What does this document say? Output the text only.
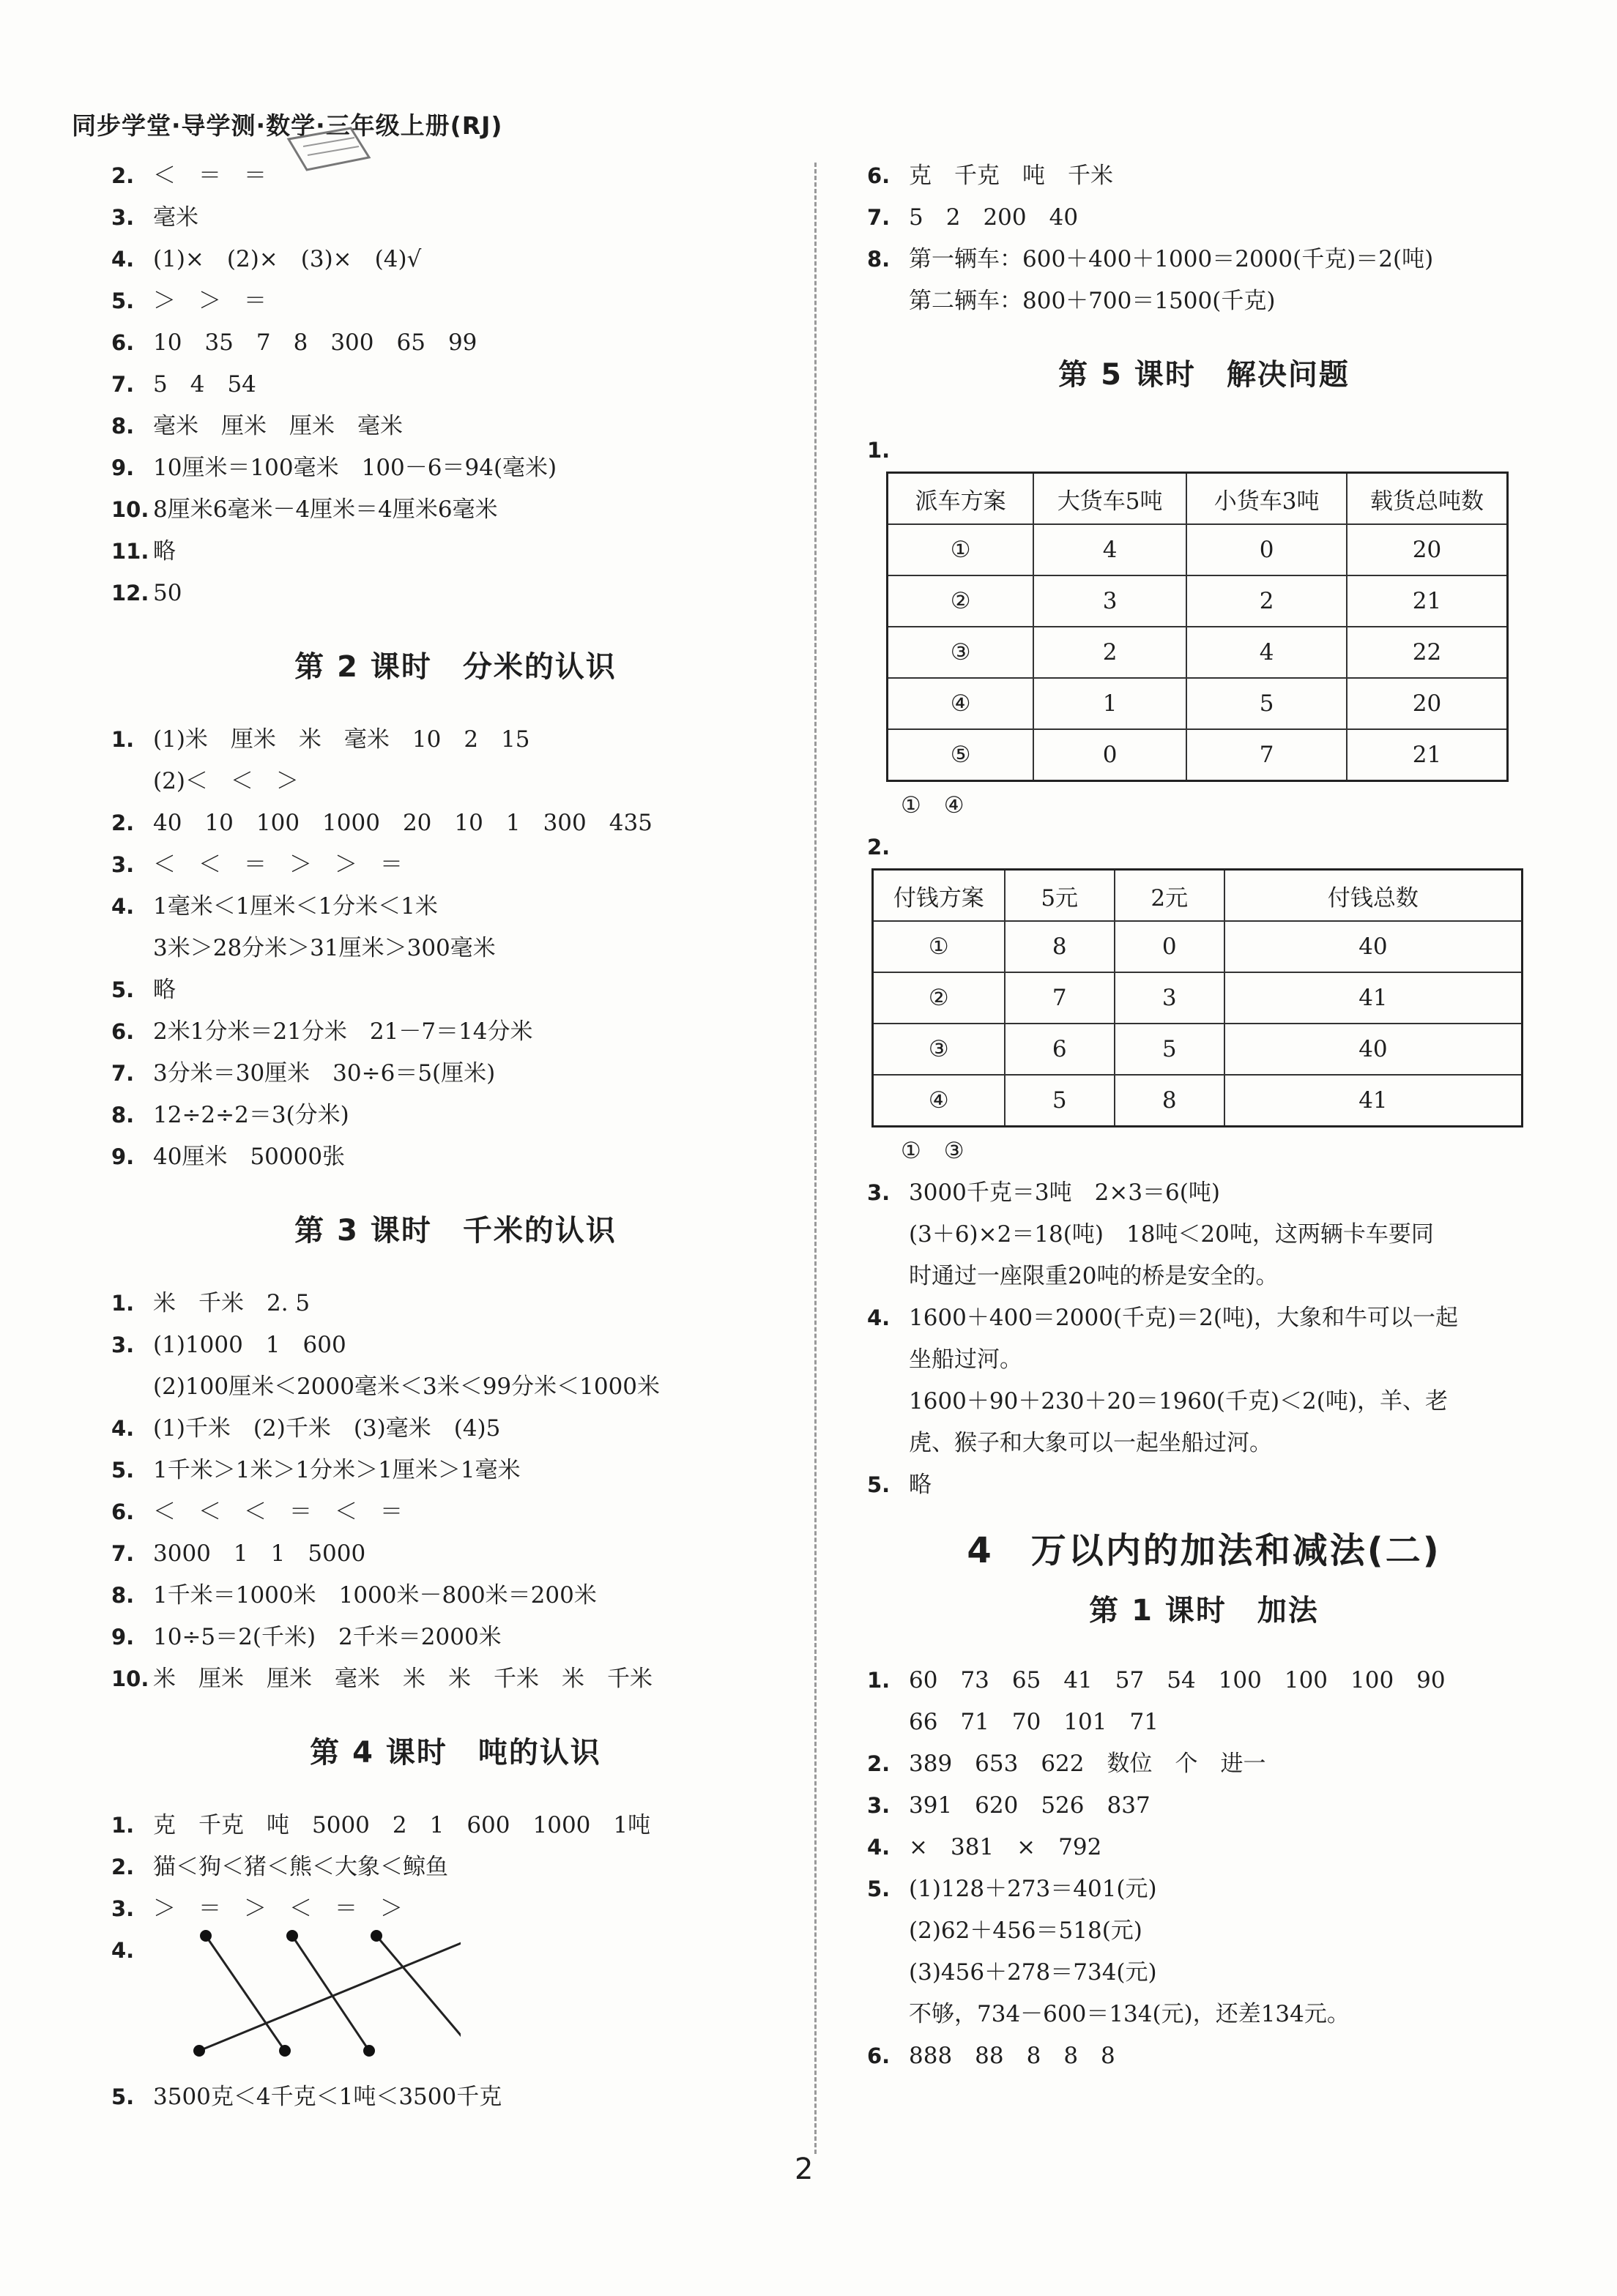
同步学堂·导学测·数学·三年级上册(RJ)
2. ＜　＝　＝
3. 毫米
4. (1)×　(2)×　(3)×　(4)√
5. ＞　＞　＝
6. 10　35　7　8　300　65　99
7. 5　4　54
8. 毫米　厘米　厘米　毫米
9. 10厘米＝100毫米　100－6＝94(毫米)
10. 8厘米6毫米－4厘米＝4厘米6毫米
11. 略
12. 50
第 2 课时　分米的认识
1. (1)米　厘米　米　毫米　10　2　15
(2)＜　＜　＞
2. 40　10　100　1000　20　10　1　300　435
3. ＜　＜　＝　＞　＞　＝
4. 1毫米＜1厘米＜1分米＜1米
3米＞28分米＞31厘米＞300毫米
5. 略
6. 2米1分米＝21分米　21－7＝14分米
7. 3分米＝30厘米　30÷6＝5(厘米)
8. 12÷2÷2＝3(分米)
9. 40厘米　50000张
第 3 课时　千米的认识
1. 米　千米　2. 5
3. (1)1000　1　600
(2)100厘米＜2000毫米＜3米＜99分米＜1000米
4. (1)千米　(2)千米　(3)毫米　(4)5
5. 1千米＞1米＞1分米＞1厘米＞1毫米
6. ＜　＜　＜　＝　＜　＝
7. 3000　1　1　5000
8. 1千米＝1000米　1000米－800米＝200米
9. 10÷5＝2(千米)　2千米＝2000米
10. 米　厘米　厘米　毫米　米　米　千米　米　千米
第 4 课时　吨的认识
1. 克　千克　吨　5000　2　1　600　1000　1吨
2. 猫＜狗＜猪＜熊＜大象＜鲸鱼
3. ＞　＝　＞　＜　＝　＞
4.
5. 3500克＜4千克＜1吨＜3500千克
6. 克　千克　吨　千米
7. 5　2　200　40
8. 第一辆车：600＋400＋1000＝2000(千克)＝2(吨)
第二辆车：800＋700＝1500(千克)
第 5 课时　解决问题
1.
派车方案	大货车5吨	小货车3吨	载货总吨数
①	4	0	20
②	3	2	21
③	2	4	22
④	1	5	20
⑤	0	7	21
①　④
2.
付钱方案	5元	2元	付钱总数
①	8	0	40
②	7	3	41
③	6	5	40
④	5	8	41
①　③
3. 3000千克＝3吨　2×3＝6(吨)
(3＋6)×2＝18(吨)　18吨＜20吨，这两辆卡车要同
时通过一座限重20吨的桥是安全的。
4. 1600＋400＝2000(千克)＝2(吨)，大象和牛可以一起
坐船过河。
1600＋90＋230＋20＝1960(千克)＜2(吨)，羊、老
虎、猴子和大象可以一起坐船过河。
5. 略
4　万以内的加法和减法(二)
第 1 课时　加法
1. 60　73　65　41　57　54　100　100　100　90
66　71　70　101　71
2. 389　653　622　数位　个　进一
3. 391　620　526　837
4. ×　381　×　792
5. (1)128＋273＝401(元)
(2)62＋456＝518(元)
(3)456＋278＝734(元)
不够，734－600＝134(元)，还差134元。
6. 888　88　8　8　8
2
